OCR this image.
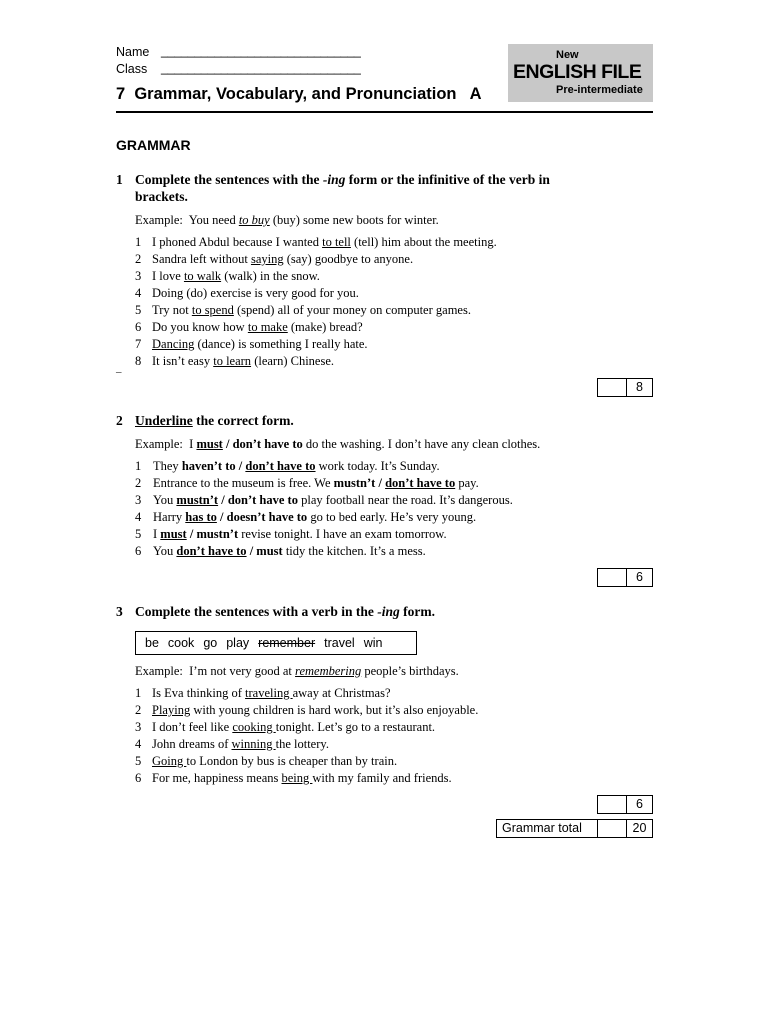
Name ______________________________
Class ______________________________
7  Grammar, Vocabulary, and Pronunciation   A
New
ENGLISH FILE
Pre-intermediate
GRAMMAR
1 Complete the sentences with the -ing form or the infinitive of the verb in
brackets.
Example: You need to buy (buy) some new boots for winter.
1 I phoned Abdul because I wanted to tell (tell) him about the meeting.
2 Sandra left without saying (say) goodbye to anyone.
3 I love to walk (walk) in the snow.
4 Doing (do) exercise is very good for you.
5 Try not to spend (spend) all of your money on computer games.
6 Do you know how to make (make) bread?
7 Dancing (dance) is something I really hate.
8 It isn’t easy to learn (learn) Chinese.
–
8
2 Underline the correct form.
Example: I must / don’t have to do the washing. I don’t have any clean clothes.
1 They haven’t to / don’t have to work today. It’s Sunday.
2 Entrance to the museum is free. We mustn’t / don’t have to pay.
3 You mustn’t / don’t have to play football near the road. It’s dangerous.
4 Harry has to / doesn’t have to go to bed early. He’s very young.
5 I must / mustn’t revise tonight. I have an exam tomorrow.
6 You don’t have to / must tidy the kitchen. It’s a mess.
6
3 Complete the sentences with a verb in the -ing form.
be cook go play remember travel win
Example: I’m not very good at remembering people’s birthdays.
1 Is Eva thinking of traveling away at Christmas?
2 Playing with young children is hard work, but it’s also enjoyable.
3 I don’t feel like cooking tonight. Let’s go to a restaurant.
4 John dreams of winning the lottery.
5 Going to London by bus is cheaper than by train.
6 For me, happiness means being with my family and friends.
6
Grammar total	20
